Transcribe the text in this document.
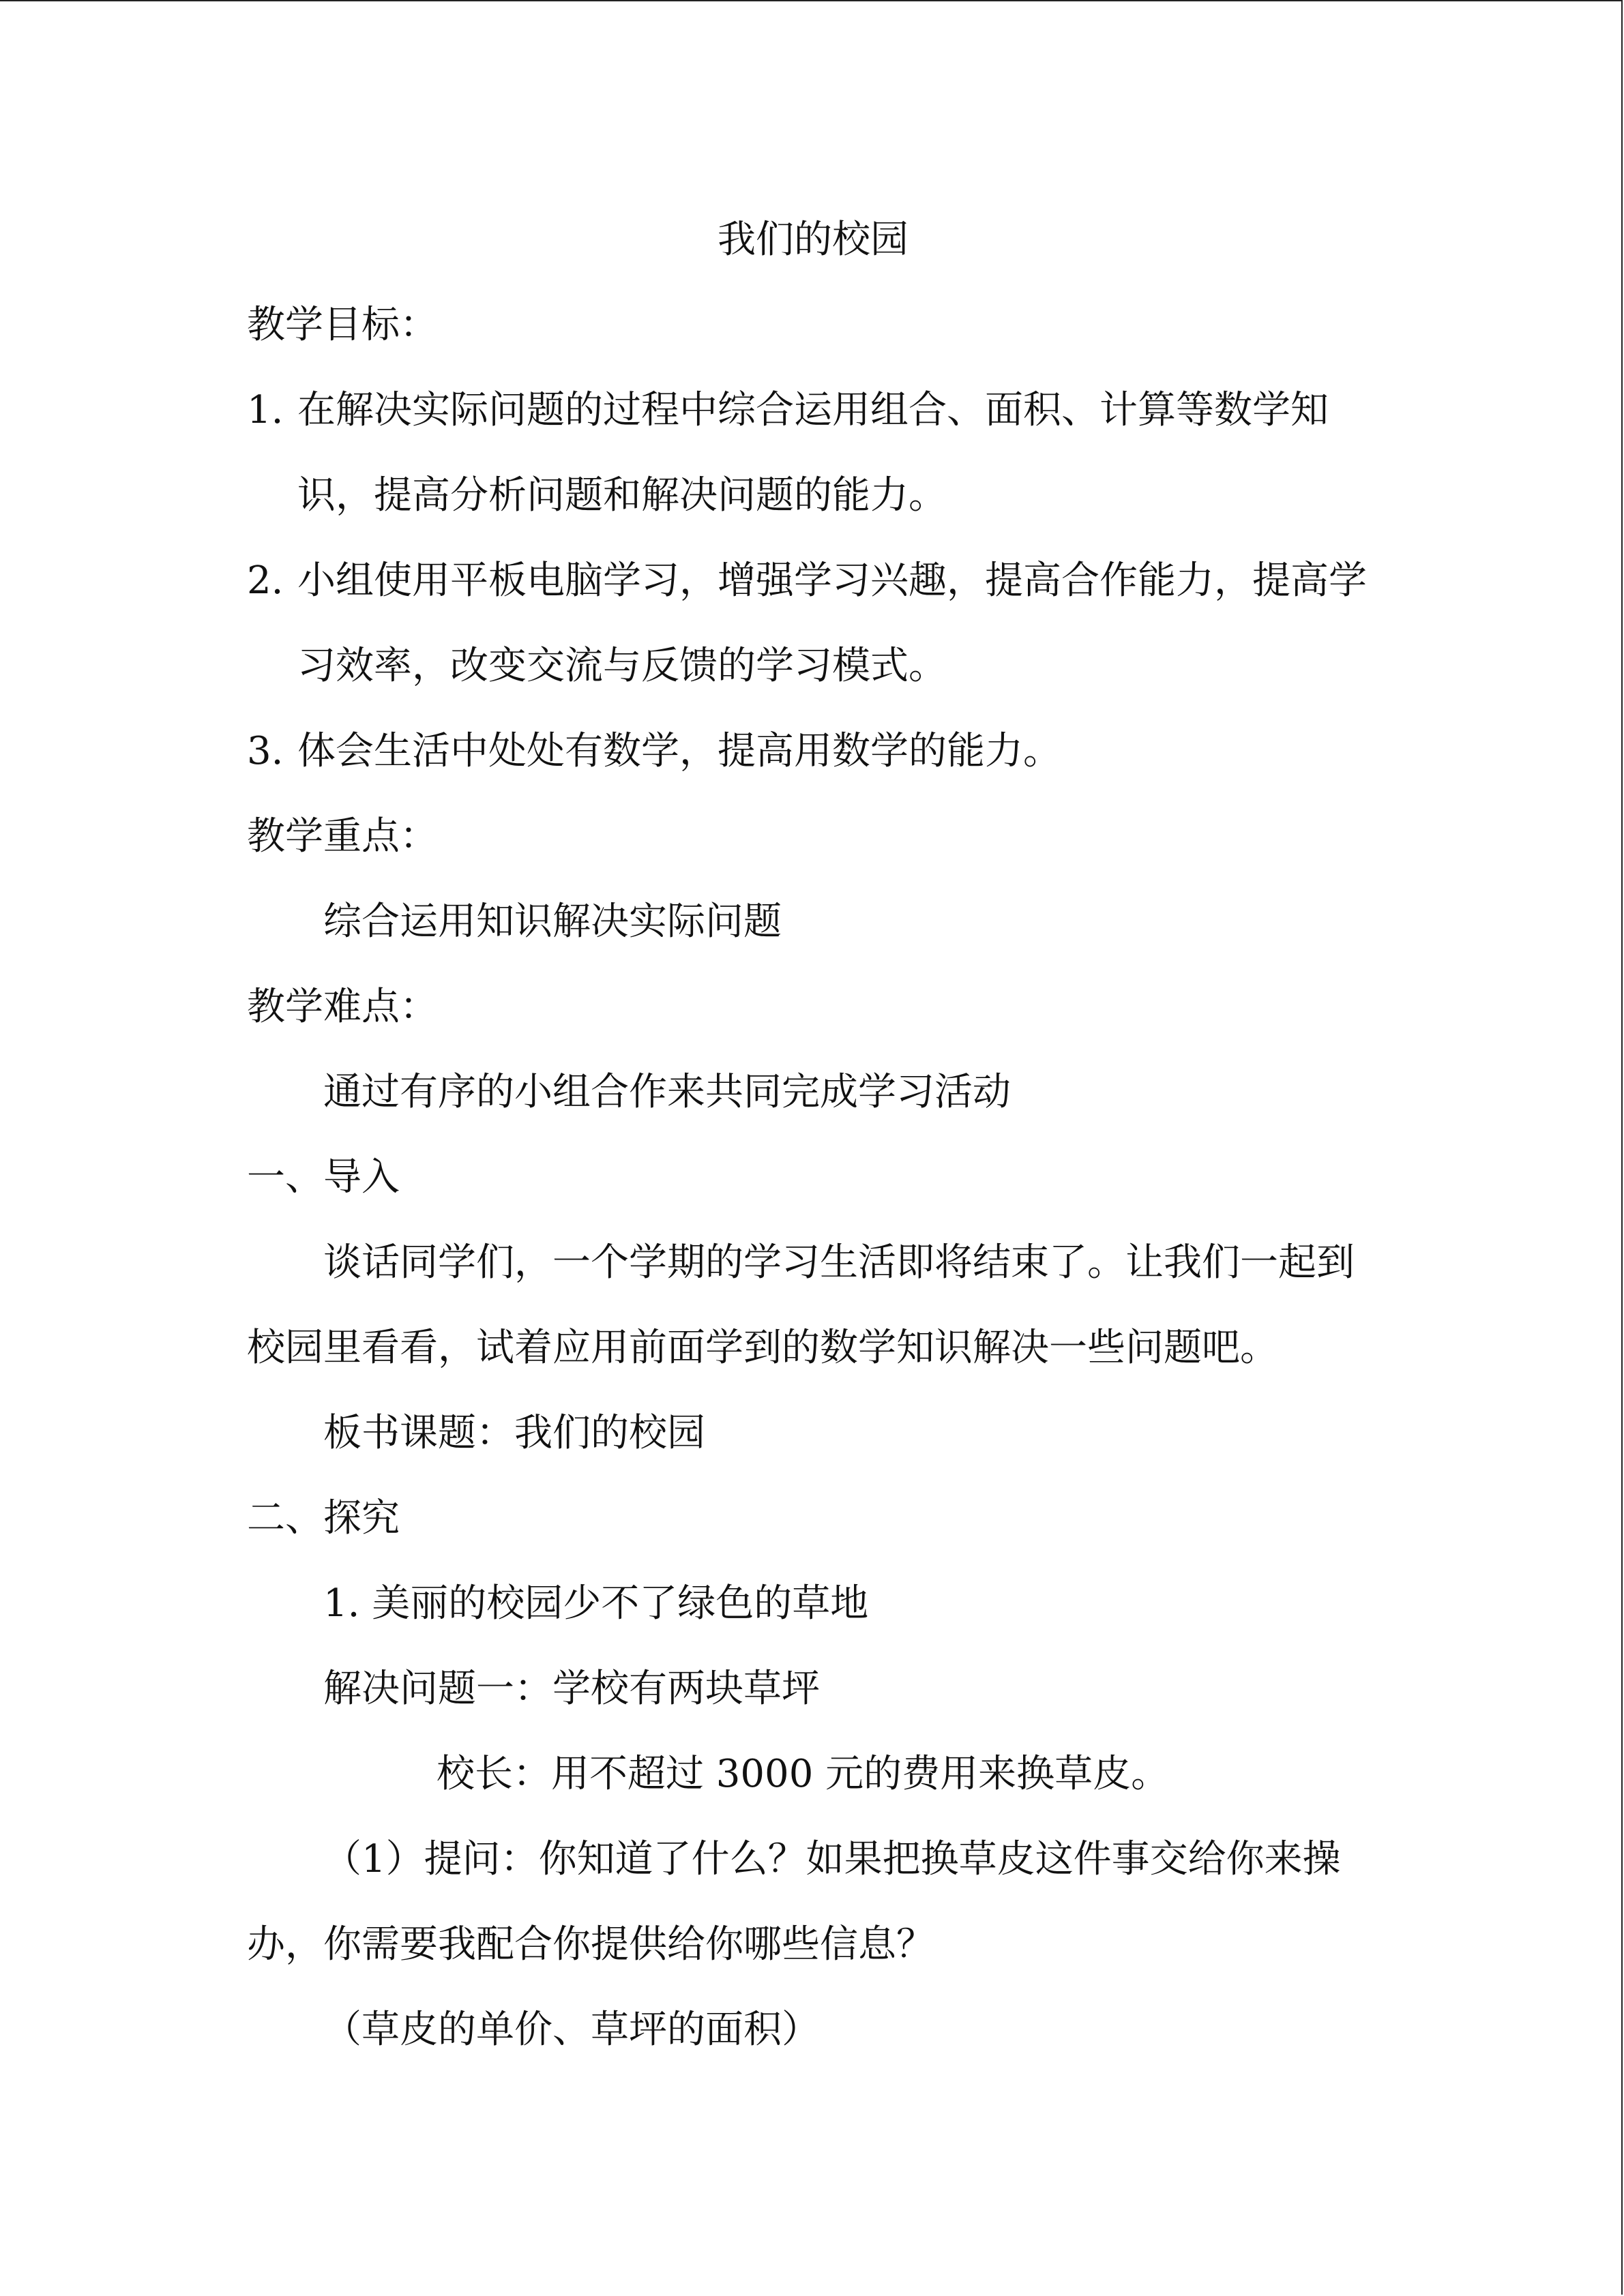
我们的校园
教学目标：
1. 在解决实际问题的过程中综合运用组合、面积、计算等数学知
识，提高分析问题和解决问题的能力。
2. 小组使用平板电脑学习，增强学习兴趣，提高合作能力，提高学
习效率，改变交流与反馈的学习模式。
3. 体会生活中处处有数学，提高用数学的能力。
教学重点：
综合运用知识解决实际问题
教学难点：
通过有序的小组合作来共同完成学习活动
一、导入
谈话同学们，一个学期的学习生活即将结束了。让我们一起到
校园里看看，试着应用前面学到的数学知识解决一些问题吧。
板书课题：我们的校园
二、探究
1. 美丽的校园少不了绿色的草地
解决问题一：学校有两块草坪
校长：用不超过 3000 元的费用来换草皮。
（1）提问：你知道了什么？如果把换草皮这件事交给你来操
办，你需要我配合你提供给你哪些信息？
（草皮的单价、草坪的面积）
